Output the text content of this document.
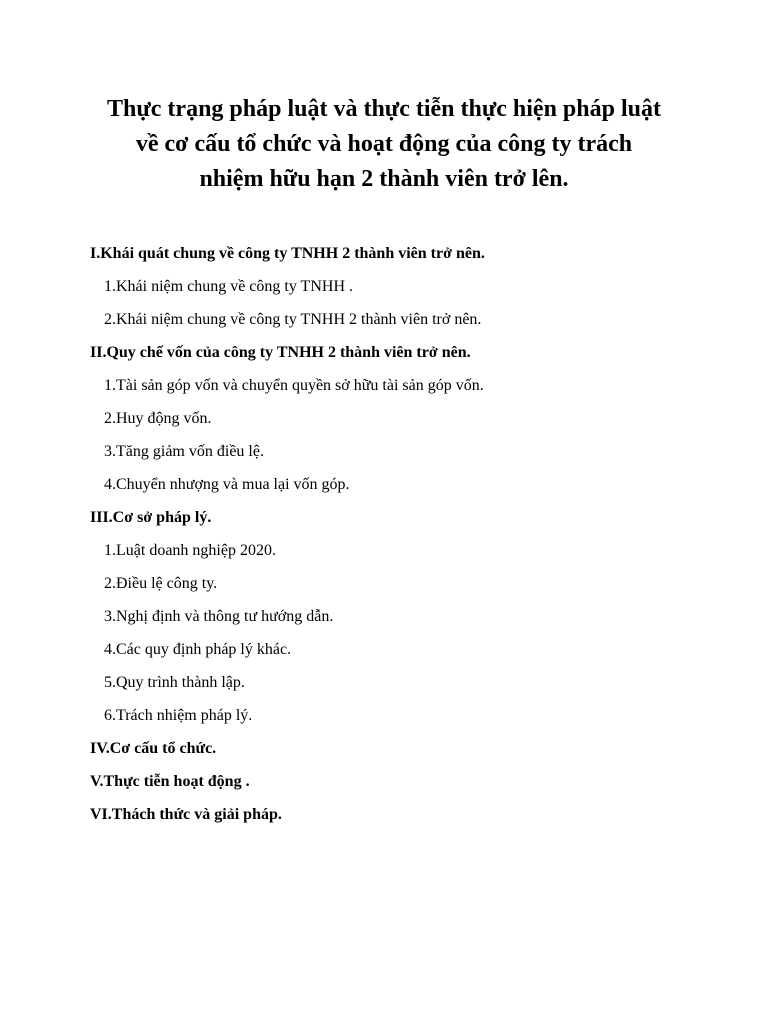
Thực trạng pháp luật và thực tiễn thực hiện pháp luật
về cơ cấu tổ chức và hoạt động của công ty trách
nhiệm hữu hạn 2 thành viên trở lên.
I.Khái quát chung về công ty TNHH 2 thành viên trở nên.
1.Khái niệm chung về công ty TNHH .
2.Khái niệm chung về công ty TNHH 2 thành viên trở nên.
II.Quy chế vốn của công ty TNHH 2 thành viên trở nên.
1.Tài sản góp vốn và chuyển quyền sở hữu tài sản góp vốn.
2.Huy động vốn.
3.Tăng giảm vốn điều lệ.
4.Chuyển nhượng và mua lại vốn góp.
III.Cơ sở pháp lý.
1.Luật doanh nghiệp 2020.
2.Điều lệ công ty.
3.Nghị định và thông tư hướng dẫn.
4.Các quy định pháp lý khác.
5.Quy trình thành lập.
6.Trách nhiệm pháp lý.
IV.Cơ cấu tổ chức.
V.Thực tiễn hoạt động .
VI.Thách thức và giải pháp.
